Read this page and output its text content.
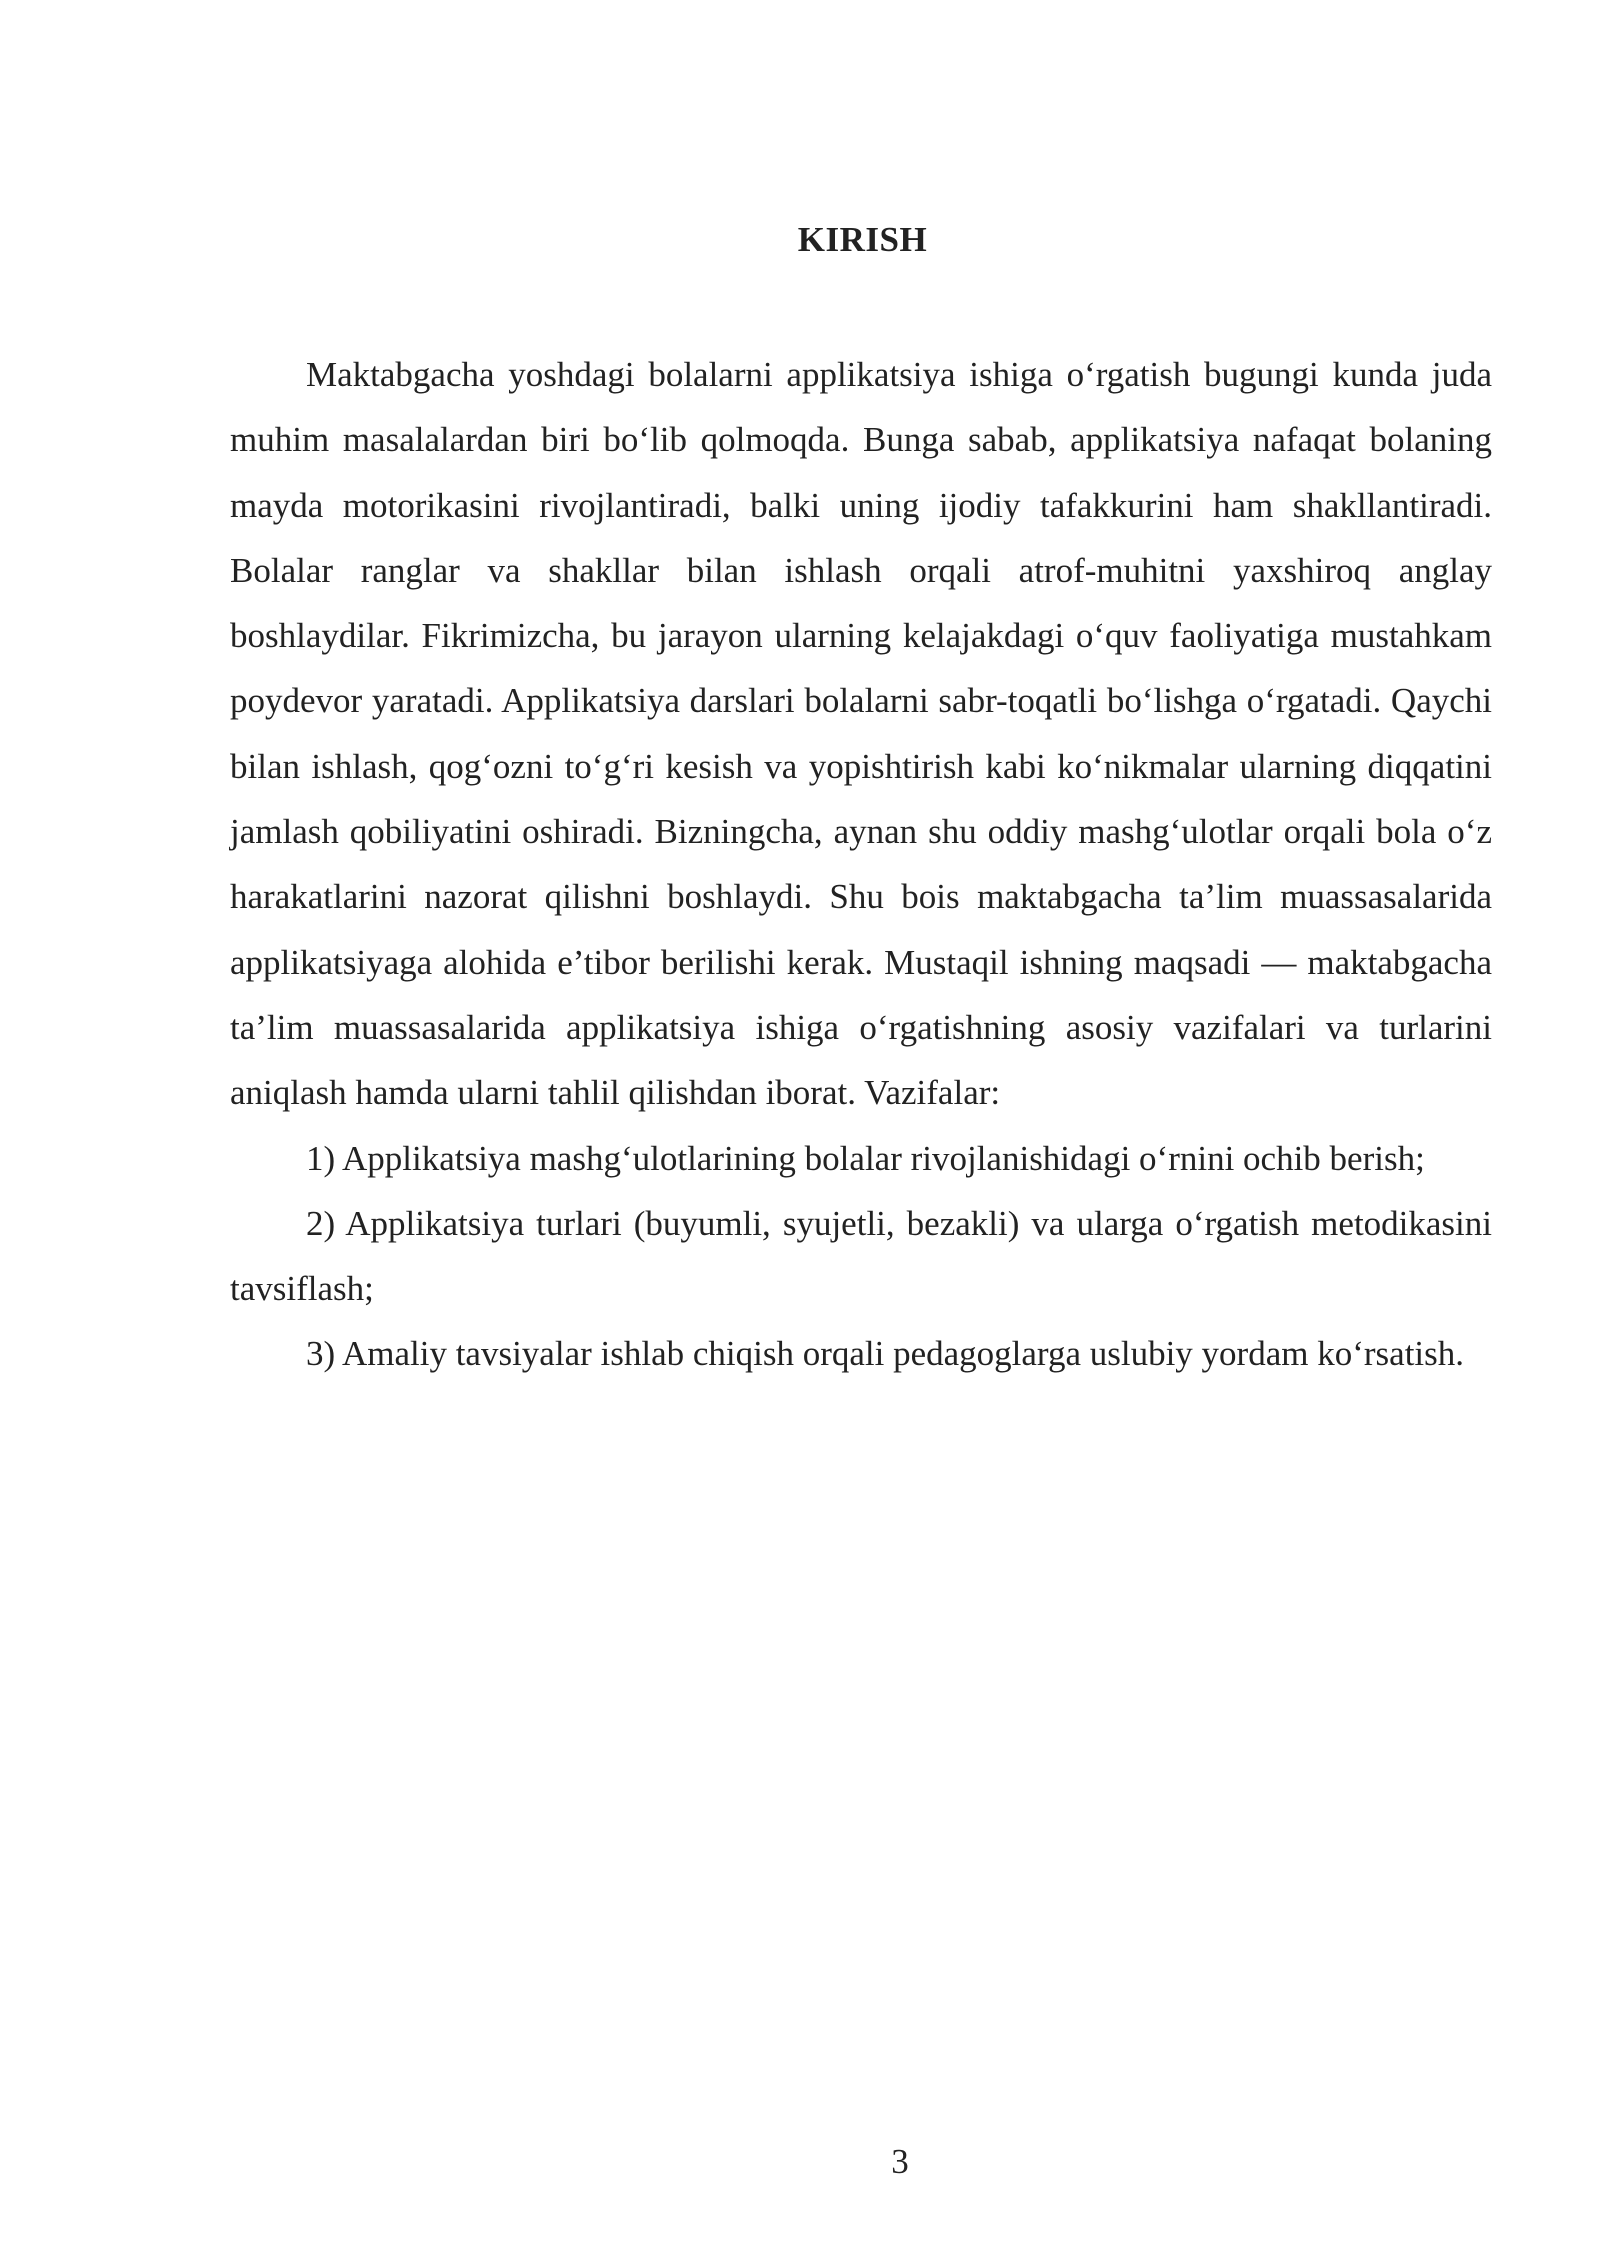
KIRISH

Maktabgacha yoshdagi bolalarni applikatsiya ishiga o‘rgatish bugungi kunda juda muhim masalalardan biri bo‘lib qolmoqda. Bunga sabab, applikatsiya nafaqat bolaning mayda motorikasini rivojlantiradi, balki uning ijodiy tafakkurini ham shakllantiradi. Bolalar ranglar va shakllar bilan ishlash orqali atrof-muhitni yaxshiroq anglay boshlaydilar. Fikrimizcha, bu jarayon ularning kelajakdagi o‘quv faoliyatiga mustahkam poydevor yaratadi. Applikatsiya darslari bolalarni sabr-toqatli bo‘lishga o‘rgatadi. Qaychi bilan ishlash, qog‘ozni to‘g‘ri kesish va yopishtirish kabi ko‘nikmalar ularning diqqatini jamlash qobiliyatini oshiradi. Bizningcha, aynan shu oddiy mashg‘ulotlar orqali bola o‘z harakatlarini nazorat qilishni boshlaydi. Shu bois maktabgacha ta’lim muassasalarida applikatsiyaga alohida e’tibor berilishi kerak. Mustaqil ishning maqsadi — maktabgacha ta’lim muassasalarida applikatsiya ishiga o‘rgatishning asosiy vazifalari va turlarini aniqlash hamda ularni tahlil qilishdan iborat. Vazifalar:

1) Applikatsiya mashg‘ulotlarining bolalar rivojlanishidagi o‘rnini ochib berish;

2) Applikatsiya turlari (buyumli, syujetli, bezakli) va ularga o‘rgatish metodikasini tavsiflash;

3) Amaliy tavsiyalar ishlab chiqish orqali pedagoglarga uslubiy yordam ko‘rsatish.

3
